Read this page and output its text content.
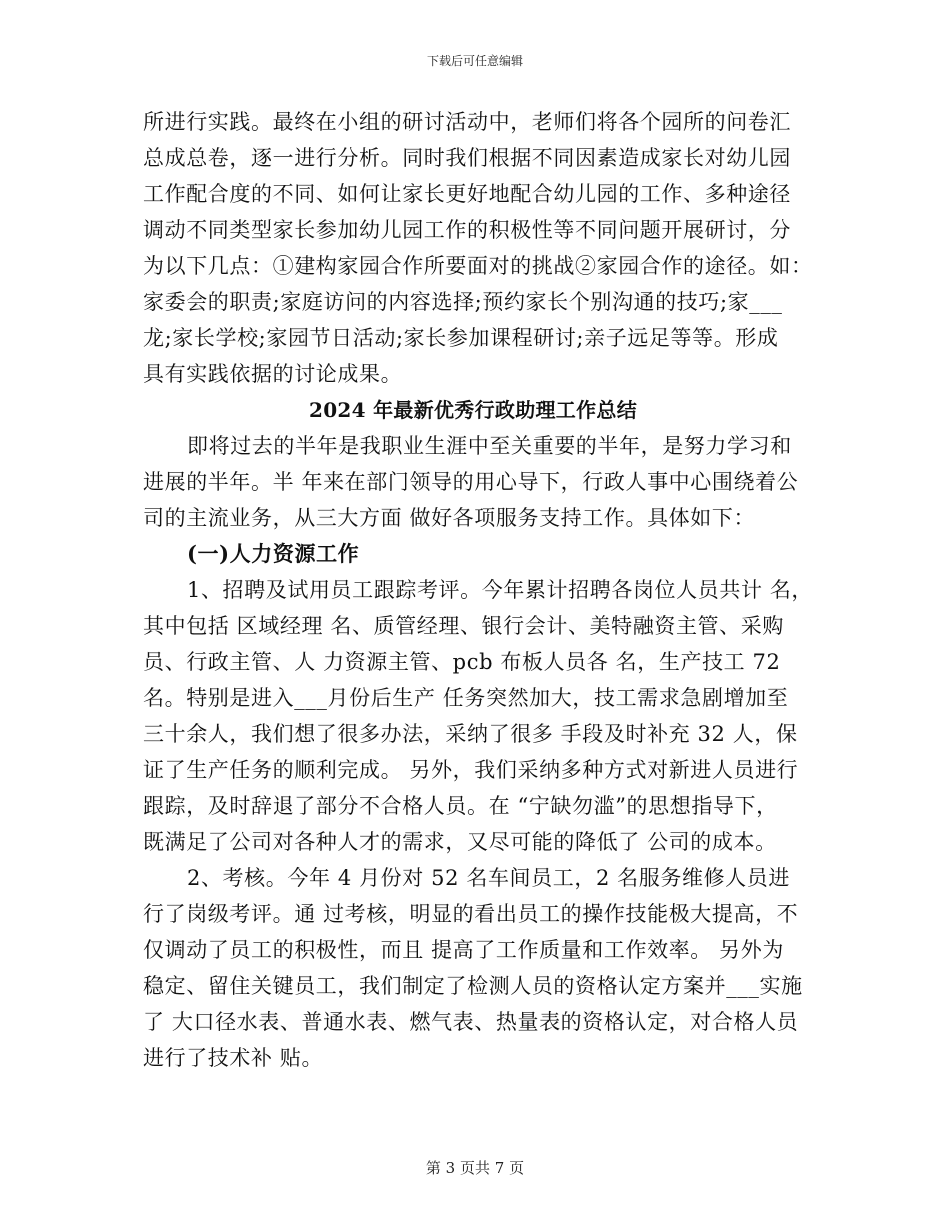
下载后可任意编辑
所进行实践。最终在小组的研讨活动中，老师们将各个园所的问卷汇
总成总卷，逐一进行分析。同时我们根据不同因素造成家长对幼儿园
工作配合度的不同、如何让家长更好地配合幼儿园的工作、多种途径
调动不同类型家长参加幼儿园工作的积极性等不同问题开展研讨，分
为以下几点：①建构家园合作所要面对的挑战②家园合作的途径。如：
家委会的职责;家庭访问的内容选择;预约家长个别沟通的技巧;家___
龙;家长学校;家园节日活动;家长参加课程研讨;亲子远足等等。形成
具有实践依据的讨论成果。
2024 年最新优秀行政助理工作总结
即将过去的半年是我职业生涯中至关重要的半年，是努力学习和
进展的半年。半 年来在部门领导的用心导下，行政人事中心围绕着公
司的主流业务，从三大方面 做好各项服务支持工作。具体如下：
(一)人力资源工作
1、招聘及试用员工跟踪考评。今年累计招聘各岗位人员共计 名，
其中包括 区域经理 名、质管经理、银行会计、美特融资主管、采购
员、行政主管、人 力资源主管、pcb 布板人员各 名，生产技工 72
名。特别是进入___月份后生产 任务突然加大，技工需求急剧增加至
三十余人，我们想了很多办法，采纳了很多 手段及时补充 32 人，保
证了生产任务的顺利完成。 另外，我们采纳多种方式对新进人员进行
跟踪，及时辞退了部分不合格人员。在 “宁缺勿滥”的思想指导下，
既满足了公司对各种人才的需求，又尽可能的降低了 公司的成本。
2、考核。今年 4 月份对 52 名车间员工，2 名服务维修人员进
行了岗级考评。通 过考核，明显的看出员工的操作技能极大提高，不
仅调动了员工的积极性，而且 提高了工作质量和工作效率。 另外为
稳定、留住关键员工，我们制定了检测人员的资格认定方案并___实施
了 大口径水表、普通水表、燃气表、热量表的资格认定，对合格人员
进行了技术补 贴。
第 3 页共 7 页
